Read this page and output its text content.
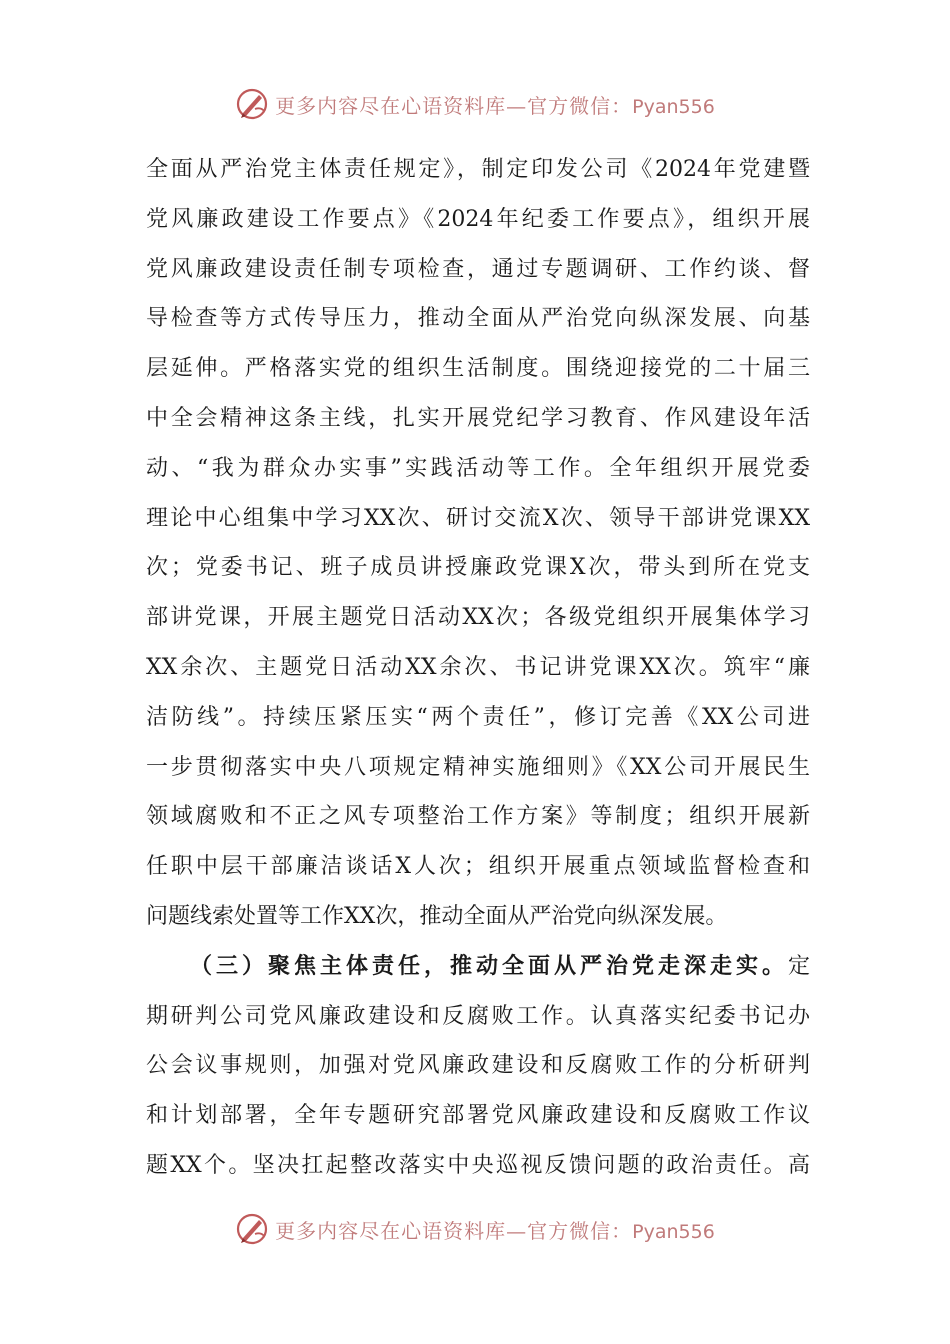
更多内容尽在心语资料库—官方微信：Pyan556
全面从严治党主体责任规定》，制定印发公司《2024年党建暨
党风廉政建设工作要点》《2024年纪委工作要点》，组织开展
党风廉政建设责任制专项检查，通过专题调研、工作约谈、督
导检查等方式传导压力，推动全面从严治党向纵深发展、向基
层延伸。严格落实党的组织生活制度。围绕迎接党的二十届三
中全会精神这条主线，扎实开展党纪学习教育、作风建设年活
动、“我为群众办实事”实践活动等工作。全年组织开展党委
理论中心组集中学习XX次、研讨交流X次、领导干部讲党课XX
次；党委书记、班子成员讲授廉政党课X次，带头到所在党支
部讲党课，开展主题党日活动XX次；各级党组织开展集体学习
XX余次、主题党日活动XX余次、书记讲党课XX次。筑牢“廉
洁防线”。持续压紧压实“两个责任”，修订完善《XX公司进
一步贯彻落实中央八项规定精神实施细则》《XX公司开展民生
领域腐败和不正之风专项整治工作方案》等制度；组织开展新
任职中层干部廉洁谈话X人次；组织开展重点领域监督检查和
问题线索处置等工作XX次，推动全面从严治党向纵深发展。
（三）聚焦主体责任，推动全面从严治党走深走实。定
期研判公司党风廉政建设和反腐败工作。认真落实纪委书记办
公会议事规则，加强对党风廉政建设和反腐败工作的分析研判
和计划部署，全年专题研究部署党风廉政建设和反腐败工作议
题XX个。坚决扛起整改落实中央巡视反馈问题的政治责任。高
更多内容尽在心语资料库—官方微信：Pyan556
